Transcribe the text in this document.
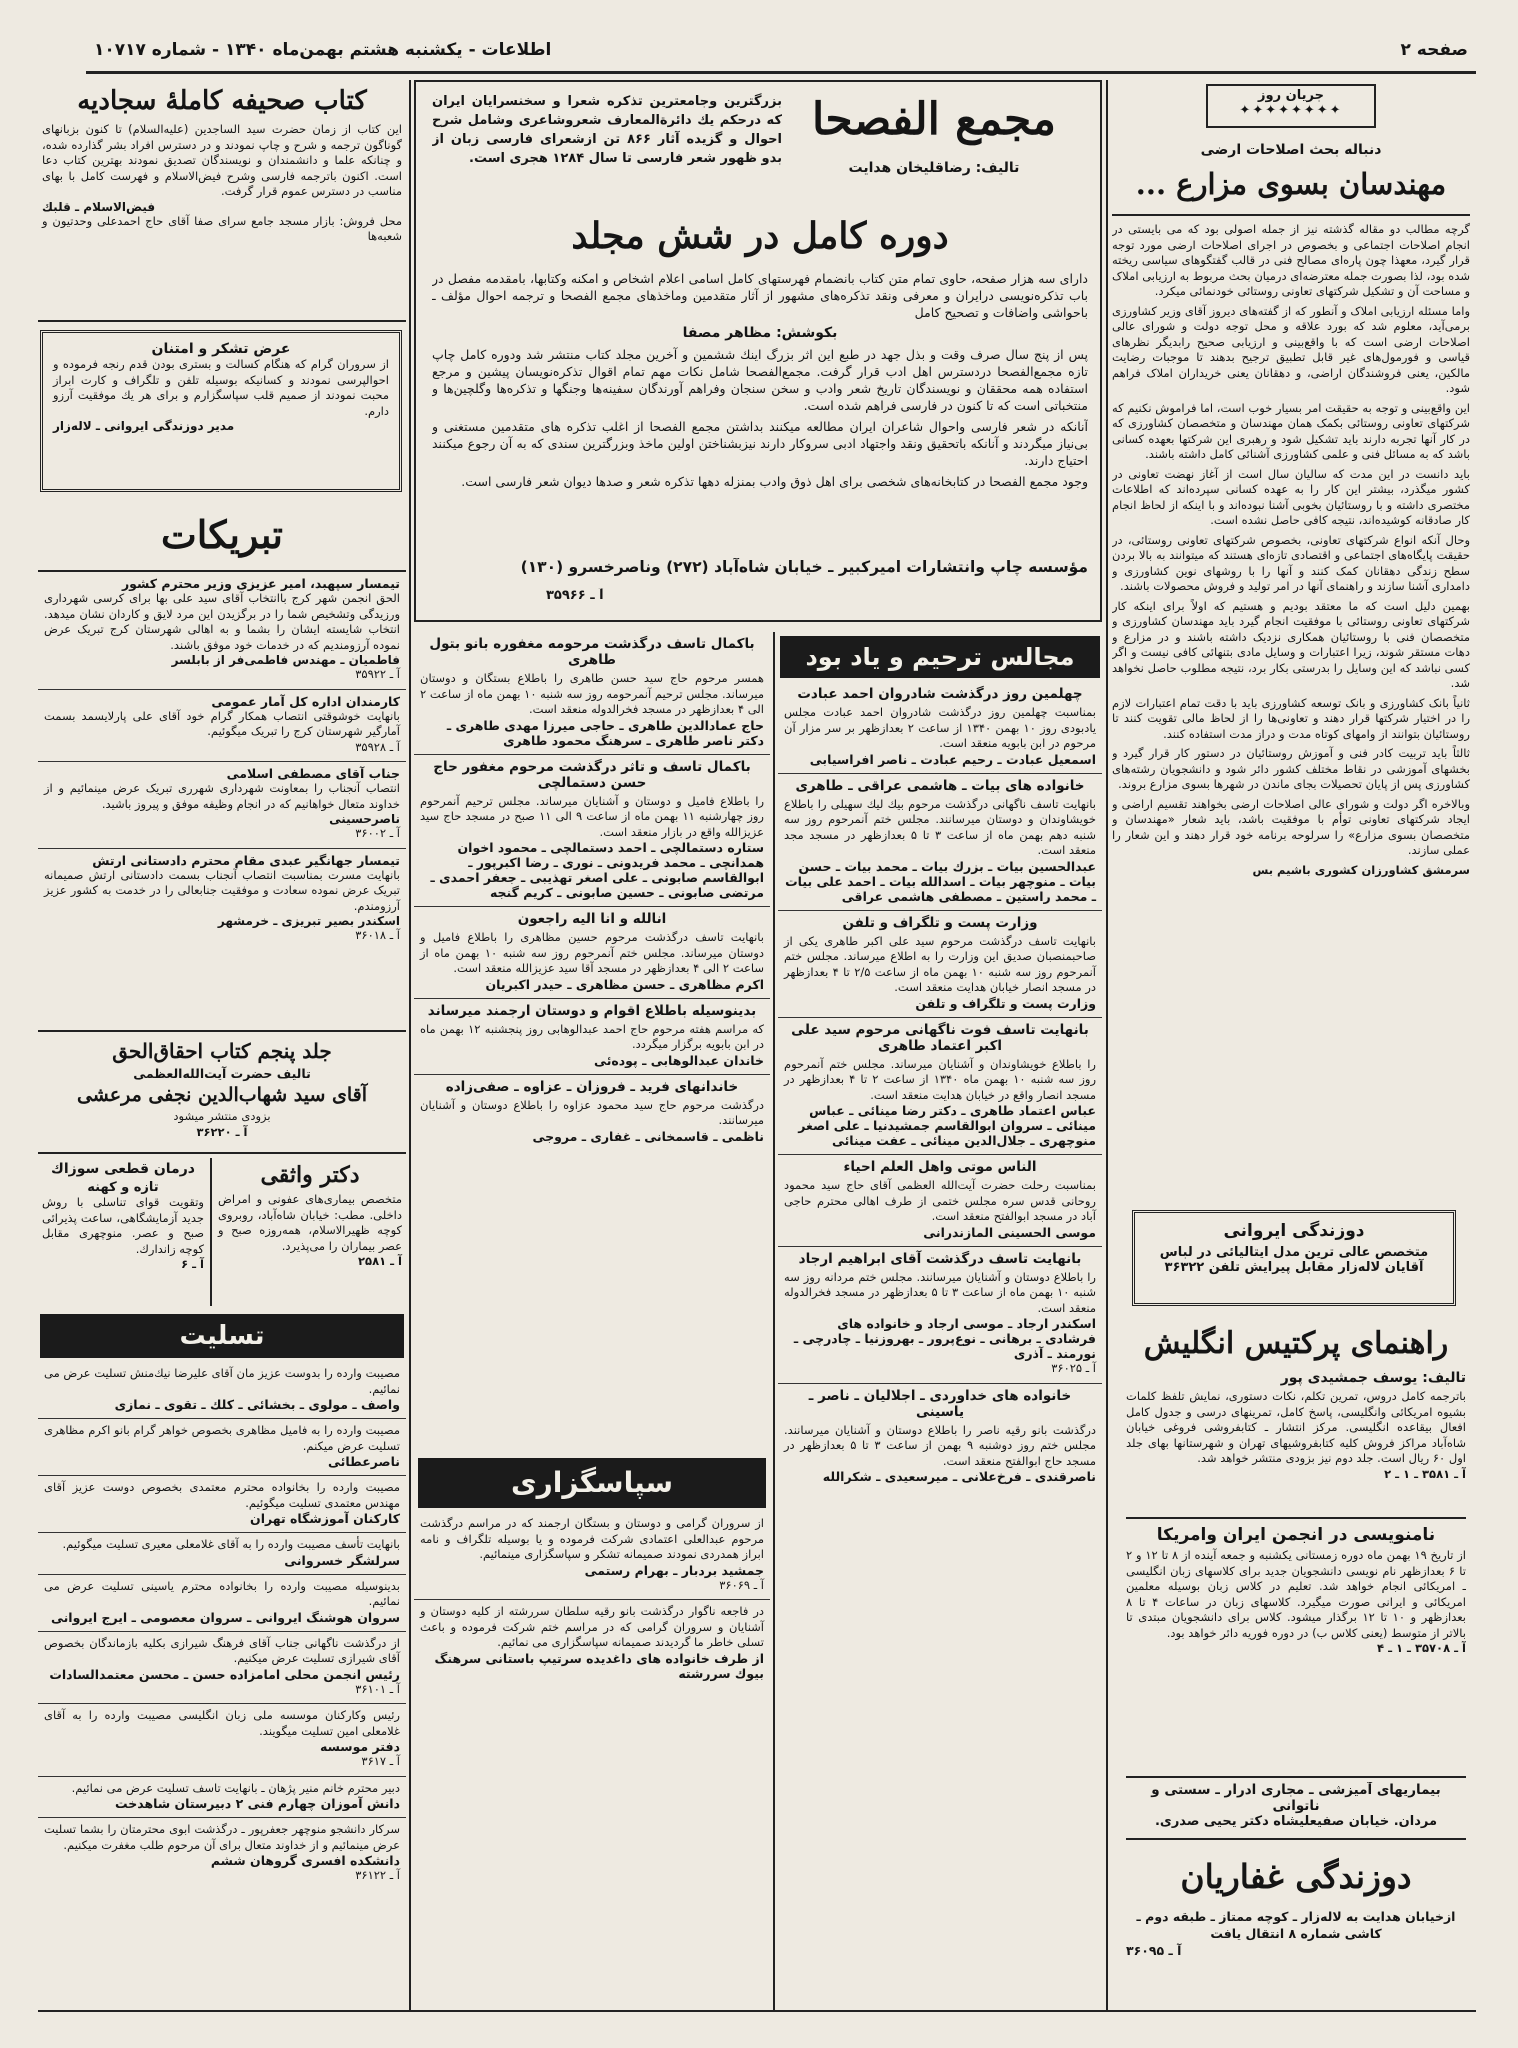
صفحه ۲
اطلاعات - یکشنبه هشتم بهمن‌ماه ۱۳۴۰ - شماره ۱۰۷۱۷
جریان روز
✦✦✦✦✦✦✦✦
دنباله بحث اصلاحات ارضی
مهندسان بسوی مزارع ...

گرچه مطالب دو مقاله گذشته نیز از جمله اصولی بود که می بایستی در انجام اصلاحات اجتماعی و بخصوص در اجرای اصلاحات ارضی مورد توجه قرار گیرد، معهذا چون پاره‌ای مصالح فنی در قالب گفتگوهای سیاسی ریخته شده بود، لذا بصورت جمله معترضه‌ای درمیان بحث مربوط به ارزیابی املاک و مساحت آن و تشکیل شرکتهای تعاونی روستائی خودنمائی میکرد.

واما مسئله ارزیابی املاک و آنطور که از گفته‌های دیروز آقای وزیر کشاورزی برمی‌آید، معلوم شد که بورد علاقه و محل توجه دولت و شورای عالی اصلاحات ارضی است که با واقع‌بینی و ارزیابی صحیح رابدیگر نظرهای قیاسی و فورمول‌های غیر قابل تطبیق ترجیح بدهند تا موجبات رضایت مالکین، یعنی فروشندگان اراضی، و دهقانان یعنی خریداران املاک فراهم شود.

این واقع‌بینی و توجه به حقیقت امر بسیار خوب است، اما فراموش نکنیم که شرکتهای تعاونی روستائی بکمک همان مهندسان و متخصصان کشاورزی که در کار آنها تجربه دارند باید تشکیل شود و رهبری این شرکتها بعهده کسانی باشد که به مسائل فنی و علمی کشاورزی آشنائی کامل داشته باشند.

باید دانست در این مدت که سالیان سال است از آغاز نهضت تعاونی در کشور میگذرد، بیشتر این کار را به عهده کسانی سپرده‌اند که اطلاعات مختصری داشته و با روستائیان بخوبی آشنا نبوده‌اند و با اینکه از لحاظ انجام کار صادقانه کوشیده‌اند، نتیجه کافی حاصل نشده است.

وحال آنکه انواع شرکتهای تعاونی، بخصوص شرکتهای تعاونی روستائی، در حقیقت پایگاه‌های اجتماعی و اقتصادی تازه‌ای هستند که میتوانند به بالا بردن سطح زندگی دهقانان کمک کنند و آنها را با روشهای نوین کشاورزی و دامداری آشنا سازند و راهنمای آنها در امر تولید و فروش محصولات باشند.

بهمین دلیل است که ما معتقد بودیم و هستیم که اولاً برای اینکه کار شرکتهای تعاونی روستائی با موفقیت انجام گیرد باید مهندسان کشاورزی و متخصصان فنی با روستائیان همکاری نزدیک داشته باشند و در مزارع و دهات مستقر شوند، زیرا اعتبارات و وسایل مادی بتنهائی کافی نیست و اگر کسی نباشد که این وسایل را بدرستی بکار برد، نتیجه مطلوب حاصل نخواهد شد.

ثانیاً بانک کشاورزی و بانک توسعه کشاورزی باید با دقت تمام اعتبارات لازم را در اختیار شرکتها قرار دهند و تعاونی‌ها را از لحاظ مالی تقویت کنند تا روستائیان بتوانند از وامهای کوتاه مدت و دراز مدت استفاده کنند.

ثالثاً باید تربیت کادر فنی و آموزش روستائیان در دستور کار قرار گیرد و بخشهای آموزشی در نقاط مختلف کشور دائر شود و دانشجویان رشته‌های کشاورزی پس از پایان تحصیلات بجای ماندن در شهرها بسوی مزارع بروند.

وبالاخره اگر دولت و شورای عالی اصلاحات ارضی بخواهند تقسیم اراضی و ایجاد شرکتهای تعاونی توأم با موفقیت باشد، باید شعار «مهندسان و متخصصان بسوی مزارع» را سرلوحه برنامه خود قرار دهند و این شعار را عملی سازند.

سرمشق کشاورزان کشوری باشیم بس
دوزندگی ایروانی
متخصص عالی ترین مدل ایتالیائی در لباس
آقایان لاله‌زار مقابل پیرایش تلفن ۳۶۳۲۲
راهنمای پرکتیس انگلیش
تالیف: یوسف جمشیدی پور
باترجمه کامل دروس، تمرین تکلم، نکات دستوری، نمایش تلفظ کلمات بشیوه امریکائی وانگلیسی، پاسخ کامل، تمرینهای درسی و جدول کامل افعال بیقاعده انگلیسی. مرکز انتشار ـ کتابفروشی فروغی خیابان شاه‌آباد مراکز فروش کلیه کتابفروشیهای تهران و شهرستانها بهای جلد اول ۶۰ ریال است. جلد دوم نیز بزودی منتشر خواهد شد.
آ ـ ۳۵۸۱ ـ ۱ ـ ۲
نامنویسی در انجمن ایران وامریکا
از تاریخ ۱۹ بهمن ماه دوره زمستانی یکشنبه و جمعه آینده از ۸ تا ۱۲ و ۲ تا ۶ بعدازظهر نام نویسی دانشجویان جدید برای کلاسهای زبان انگلیسی ـ امریکائی انجام خواهد شد. تعلیم در کلاس زبان بوسیله معلمین امریکائی و ایرانی صورت میگیرد. کلاسهای زبان در ساعات ۴ تا ۸ بعدازظهر و ۱۰ تا ۱۲ برگذار میشود. کلاس برای دانشجویان مبتدی تا بالاتر از متوسط (یعنی کلاس ب) در دوره فوریه دائر خواهد بود.
آ ـ ۳۵۷۰۸ ـ ۱ ـ ۴
بیماریهای آمیزشی ـ مجاری ادرار ـ سستی و ناتوانی
مردان. خیابان صفیعلیشاه دکتر یحیی صدری.
دوزندگی غفاریان
ازخیابان هدایت به لاله‌زار ـ کوچه ممتاز ـ طبقه دوم ـ کاشی شماره ۸ انتقال یافت
آ ـ ۳۶۰۹۵
مجمع الفصحا
بزرگترین وجامعترین تذکره شعرا و سخنسرایان ایران که درحکم یك دائرة‌المعارف شعروشاعری وشامل شرح احوال و گزیده آثار ۸۶۶ تن ازشعرای فارسی زبان از بدو ظهور شعر فارسی تا سال ۱۲۸۴ هجری است.
تالیف: رضاقلیخان هدایت
دوره کامل در شش مجلد

دارای سه هزار صفحه، حاوی تمام متن کتاب بانضمام فهرستهای کامل اسامی اعلام اشخاص و امکنه وکتابها، بامقدمه مفصل در باب تذکره‌نویسی درایران و معرفی ونقد تذکره‌های مشهور از آثار متقدمین وماخذهای مجمع الفصحا و ترجمه احوال مؤلف ـ باحواشی واضافات و تصحیح کامل

بکوشش: مظاهر مصفا

پس از پنج سال صرف وقت و بذل جهد در طبع این اثر بزرگ اینك ششمین و آخرین مجلد کتاب منتشر شد ودوره کامل چاپ تازه مجمع‌الفصحا دردسترس اهل ادب قرار گرفت. مجمع‌الفصحا شامل نکات مهم تمام اقوال تذکره‌نویسان پیشین و مرجع استفاده همه محققان و نویسندگان تاریخ شعر وادب و سخن سنجان وفراهم آورندگان سفینه‌ها وجنگها و تذکره‌ها وگلچین‌ها و منتخباتی است که تا کنون در فارسی فراهم شده است.

آنانکه در شعر فارسی واحوال شاعران ایران مطالعه میکنند بداشتن مجمع الفصحا از اغلب تذکره های متقدمین مستغنی و بی‌نیاز میگردند و آنانکه باتحقیق ونقد واجتهاد ادبی سروکار دارند نیزبشناختن اولین ماخذ وبزرگترین سندی که به آن رجوع میکنند احتیاج دارند.

وجود مجمع الفصحا در کتابخانه‌های شخصی برای اهل ذوق وادب بمنزله دهها تذکره شعر و صدها دیوان شعر فارسی است.

مؤسسه چاپ وانتشارات امیرکبیر ـ خیابان شاه‌آباد (۲۷۲) وناصرخسرو (۱۳۰)
آ ـ ۳۵۹۶۶
کتاب صحیفه کاملهٔ سجادیه
این کتاب از زمان حضرت سید الساجدین (علیه‌السلام) تا کنون بزبانهای گوناگون ترجمه و شرح و چاپ نمودند و در دسترس افراد بشر گذارده شده، و چنانکه علما و دانشمندان و نویسندگان تصدیق نمودند بهترین کتاب دعا است. اکنون باترجمه فارسی وشرح فیض‌الاسلام و فهرست کامل با بهای مناسب در دسترس عموم قرار گرفت.
فیض‌الاسلام ـ قلبك
محل فروش: بازار مسجد جامع سرای صفا آقای حاج احمدعلی وحدتیون و شعبه‌ها
عرض تشکر و امتنان
از سروران گرام که هنگام کسالت و بستری بودن قدم رنجه فرموده و احوالپرسی نمودند و کسانیکه بوسیله تلفن و تلگراف و کارت ابراز محبت نمودند از صمیم قلب سپاسگزارم و برای هر یك موفقیت آرزو دارم.
مدیر دوزندگی ایروانی ـ لاله‌زار
تبریکات
تیمسار سپهبد، امیر عزیزی وزیر محترم کشور
الحق انجمن شهر کرج باانتخاب آقای سید علی بها برای کرسی شهرداری ورزیدگی وتشخیص شما را در برگزیدن این مرد لایق و کاردان نشان میدهد. انتخاب شایسته ایشان را بشما و به اهالی شهرستان کرج تبریک عرض نموده آرزومندیم که در خدمات خود موفق باشند.
فاطمیان ـ مهندس فاطمی‌فر از بابلسر
آ ـ ۳۵۹۲۲
کارمندان اداره کل آمار عمومی
بانهایت خوشوقتی انتصاب همکار گرام خود آقای علی پارلایسمد بسمت آمارگیر شهرستان کرج را تبریک میگوئیم.
آ ـ ۳۵۹۲۸
جناب آقای مصطفی اسلامی
انتصاب آنجناب را بمعاونت شهرداری شهرری تبریک عرض مینمائیم و از خداوند متعال خواهانیم که در انجام وظیفه موفق و پیروز باشید.
ناصرحسینی
آ ـ ۳۶۰۰۲
تیمسار جهانگیر عبدی مقام محترم دادستانی ارتش
بانهایت مسرت بمناسبت انتصاب آنجناب بسمت دادستانی ارتش صمیمانه تبریک عرض نموده سعادت و موفقیت جنابعالی را در خدمت به کشور عزیز آرزومندم.
اسکندر بصیر تبریزی ـ خرمشهر
آ ـ ۳۶۰۱۸
جلد پنجم کتاب احقاق‌الحق
تالیف حضرت آیت‌الله‌العظمی
آقای سید شهاب‌الدین نجفی مرعشی
بزودی منتشر میشود
آ ـ ۳۶۲۲۰
دکتر واثقی
متخصص بیماری‌های عفونی و امراض داخلی. مطب: خیابان شاه‌آباد، روبروی کوچه ظهیرالاسلام، همه‌روزه صبح و عصر بیماران را می‌پذیرد.
آ ـ ۲۵۸۱
درمان قطعی سوزاك
تازه و کهنه
وتقویت قوای تناسلی با روش جدید آزمایشگاهی، ساعت پذیرائی صبح و عصر. منوچهری مقابل کوچه زاندارك.
آ ـ ۶
تسلیت
مصیبت وارده را بدوست عزیز مان آقای علیرضا نیك‌منش تسلیت عرض می نمائیم.
واصف ـ مولوی ـ بخشائی ـ کلك ـ تقوی ـ نمازی
مصیبت وارده را به فامیل مظاهری بخصوص خواهر گرام بانو اکرم مظاهری تسلیت عرض میکنم.
ناصرعطائی
مصیبت وارده را بخانواده محترم معتمدی بخصوص دوست عزیز آقای مهندس معتمدی تسلیت میگوئیم.
کارکنان آموزشگاه تهران
بانهایت تأسف مصیبت وارده را به آقای غلامعلی معیری تسلیت میگوئیم.
سرلشگر خسروانی
بدینوسیله مصیبت وارده را بخانواده محترم یاسینی تسلیت عرض می نمائیم.
سروان هوشنگ ایروانی ـ سروان معصومی ـ ایرج ایروانی
از درگذشت ناگهانی جناب آقای فرهنگ شیرازی بکلیه بازماندگان بخصوص آقای شیرازی تسلیت عرض میکنیم.
رئیس انجمن محلی امامزاده حسن ـ محسن معتمدالسادات
آ ـ ۳۶۱۰۱
رئیس وکارکنان موسسه ملی زبان انگلیسی مصیبت وارده را به آقای غلامعلی امین تسلیت میگویند.
دفتر موسسه
آ ـ ۳۶۱۷
دبیر محترم خانم منیر پژهان ـ بانهایت تاسف تسلیت عرض می نمائیم.
دانش آموزان چهارم فنی ۲ دبیرستان شاهدخت
سرکار دانشجو منوچهر جعفرپور ـ درگذشت ابوی محترمتان را بشما تسلیت عرض مینمائیم و از خداوند متعال برای آن مرحوم طلب مغفرت میکنیم.
دانشکده افسری گروهان ششم
آ ـ ۳۶۱۲۲
مجالس ترحیم و یاد بود
چهلمین روز درگذشت شادروان احمد عبادت
بمناسبت چهلمین روز درگذشت شادروان احمد عبادت مجلس یادبودی روز ۱۰ بهمن ۱۳۴۰ از ساعت ۲ بعدازظهر بر سر مزار آن مرحوم در ابن بابویه منعقد است.
اسمعیل عبادت ـ رحیم عبادت ـ ناصر افراسیابی
خانواده های بیات ـ هاشمی عراقی ـ طاهری
بانهایت تاسف ناگهانی درگذشت مرحوم بیك لیك سهیلی را باطلاع خویشاوندان و دوستان میرسانند. مجلس ختم آنمرحوم روز سه شنبه دهم بهمن ماه از ساعت ۳ تا ۵ بعدازظهر در مسجد مجد منعقد است.
عبدالحسین بیات ـ بزرك بیات ـ محمد بیات ـ حسن بیات ـ منوچهر بیات ـ اسدالله بیات ـ احمد علی بیات ـ محمد راستین ـ مصطفی هاشمی عراقی
وزارت پست و تلگراف و تلفن
بانهایت تاسف درگذشت مرحوم سید علی اکبر طاهری یکی از صاحبمنصبان صدیق این وزارت را به اطلاع میرساند. مجلس ختم آنمرحوم روز سه شنبه ۱۰ بهمن ماه از ساعت ۲/۵ تا ۴ بعدازظهر در مسجد انصار خیابان هدایت منعقد است.
وزارت پست و تلگراف و تلفن
بانهایت تاسف فوت ناگهانی مرحوم سید علی اکبر اعتماد طاهری
را باطلاع خویشاوندان و آشنایان میرساند. مجلس ختم آنمرحوم روز سه شنبه ۱۰ بهمن ماه ۱۳۴۰ از ساعت ۲ تا ۴ بعدازظهر در مسجد انصار واقع در خیابان هدایت منعقد است.
عباس اعتماد طاهری ـ دکتر رضا مینائی ـ عباس مینائی ـ سروان ابوالقاسم جمشیدنیا ـ علی اصغر منوچهری ـ جلال‌الدین مینائی ـ عفت مینائی
الناس موتی واهل العلم احیاء
بمناسبت رحلت حضرت آیت‌الله العظمی آقای حاج سید محمود روحانی قدس سره مجلس ختمی از طرف اهالی محترم حاجی آباد در مسجد ابوالفتح منعقد است.
موسی الحسینی المازندرانی
بانهایت تاسف درگذشت آقای ابراهیم ارجاد
را باطلاع دوستان و آشنایان میرسانند. مجلس ختم مردانه روز سه شنبه ۱۰ بهمن ماه از ساعت ۳ تا ۵ بعدازظهر در مسجد فخرالدوله منعقد است.
اسکندر ارجاد ـ موسی ارجاد و خانواده های فرشادی ـ برهانی ـ نوع‌پرور ـ بهروزنیا ـ چادرچی ـ نورمند ـ آذری
آ ـ ۳۶۰۲۵
خانواده های خداوردی ـ اجلالیان ـ ناصر ـ یاسینی
درگذشت بانو رقیه ناصر را باطلاع دوستان و آشنایان میرسانند. مجلس ختم روز دوشنبه ۹ بهمن از ساعت ۳ تا ۵ بعدازظهر در مسجد حاج ابوالفتح منعقد است.
ناصرقندی ـ فرخ‌علانی ـ میرسعیدی ـ شکرالله
باکمال تاسف درگذشت مرحومه مغفوره بانو بتول طاهری
همسر مرحوم حاج سید حسن طاهری را باطلاع بستگان و دوستان میرساند. مجلس ترحیم آنمرحومه روز سه شنبه ۱۰ بهمن ماه از ساعت ۲ الی ۴ بعدازظهر در مسجد فخرالدوله منعقد است.
حاج عمادالدین طاهری ـ حاجی میرزا مهدی طاهری ـ دکتر ناصر طاهری ـ سرهنگ محمود طاهری
باکمال تاسف و تاثر درگذشت مرحوم مغفور حاج حسن دستمالچی
را باطلاع فامیل و دوستان و آشنایان میرساند. مجلس ترحیم آنمرحوم روز چهارشنبه ۱۱ بهمن ماه از ساعت ۹ الی ۱۱ صبح در مسجد حاج سید عزیزالله واقع در بازار منعقد است.
ستاره دستمالچی ـ احمد دستمالچی ـ محمود اخوان همدانچی ـ محمد فریدونی ـ نوری ـ رضا اکبرپور ـ ابوالقاسم صابونی ـ علی اصغر تهذیبی ـ جعفر احمدی ـ مرتضی صابونی ـ حسین صابونی ـ کریم گنجه
انالله و انا الیه راجعون
بانهایت تاسف درگذشت مرحوم حسین مظاهری را باطلاع فامیل و دوستان میرساند. مجلس ختم آنمرحوم روز سه شنبه ۱۰ بهمن ماه از ساعت ۲ الی ۴ بعدازظهر در مسجد آقا سید عزیزالله منعقد است.
اکرم مظاهری ـ حسن مظاهری ـ حیدر اکبریان
بدینوسیله باطلاع اقوام و دوستان ارجمند میرساند
که مراسم هفته مرحوم حاج احمد عبدالوهابی روز پنجشنبه ۱۲ بهمن ماه در ابن بابویه برگزار میگردد.
خاندان عبدالوهابی ـ پوده‌ئی
خاندانهای فرید ـ فروزان ـ عزاوه ـ صفی‌زاده
درگذشت مرحوم حاج سید محمود عزاوه را باطلاع دوستان و آشنایان میرسانند.
ناظمی ـ قاسمخانی ـ غفاری ـ مروجی
سپاسگزاری
از سروران گرامی و دوستان و بستگان ارجمند که در مراسم درگذشت مرحوم عبدالعلی اعتمادی شرکت فرموده و یا بوسیله تلگراف و نامه ابراز همدردی نمودند صمیمانه تشکر و سپاسگزاری مینمائیم.
جمشید بردبار ـ بهرام رستمی
آ ـ ۳۶۰۶۹
در فاجعه ناگوار درگذشت بانو رقیه سلطان سررشته از کلیه دوستان و آشنایان و سروران گرامی که در مراسم ختم شرکت فرموده و باعث تسلی خاطر ما گردیدند صمیمانه سپاسگزاری می نمائیم.
از طرف خانواده های داغدیده سرتیپ باستانی سرهنگ بیوك سررشته
